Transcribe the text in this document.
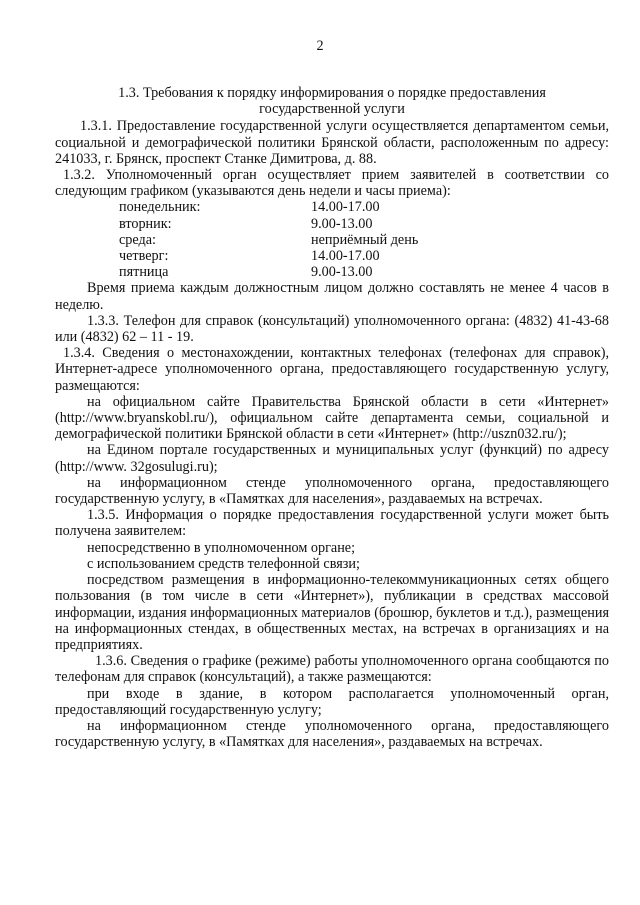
2
1.3. Требования к порядку информирования о порядке предоставления
государственной услуги

1.3.1. Предоставление государственной услуги осуществляется департаментом семьи, социальной и демографической политики Брянской области, расположенным по адресу: 241033, г. Брянск, проспект Станке Димитрова, д. 88.

1.3.2. Уполномоченный орган осуществляет прием заявителей в соответствии со следующим графиком (указываются день недели и часы приема):

понедельник:	14.00-17.00
вторник:	9.00-13.00
среда:	неприёмный день
четверг:	14.00-17.00
пятница	9.00-13.00

Время приема каждым должностным лицом должно составлять не менее 4 часов в неделю.

1.3.3. Телефон для справок (консультаций) уполномоченного органа: (4832) 41-43-68 или (4832) 62 – 11 - 19.

1.3.4. Сведения о местонахождении, контактных телефонах (телефонах для справок), Интернет-адресе уполномоченного органа, предоставляющего государственную услугу, размещаются:

на официальном сайте Правительства Брянской области в сети «Интернет» (http://www.bryanskobl.ru/), официальном сайте департамента семьи, социальной и демографической политики Брянской области в сети «Интернет» (http://uszn032.ru/);

на Едином портале государственных и муниципальных услуг (функций) по адресу (http://www. 32gosulugi.ru);

на информационном стенде уполномоченного органа, предоставляющего государственную услугу, в «Памятках для населения», раздаваемых на встречах.

1.3.5. Информация о порядке предоставления государственной услуги может быть получена заявителем:

непосредственно в уполномоченном органе;

с использованием средств телефонной связи;

посредством размещения в информационно-телекоммуникационных сетях общего пользования (в том числе в сети «Интернет»), публикации в средствах массовой информации, издания информационных материалов (брошюр, буклетов и т.д.), размещения на информационных стендах, в общественных местах, на встречах в организациях и на предприятиях.

1.3.6. Сведения о графике (режиме) работы уполномоченного органа сообщаются по телефонам для справок (консультаций), а также размещаются:

при входе в здание, в котором располагается уполномоченный орган, предоставляющий государственную услугу;

на информационном стенде уполномоченного органа, предоставляющего государственную услугу, в «Памятках для населения», раздаваемых на встречах.
